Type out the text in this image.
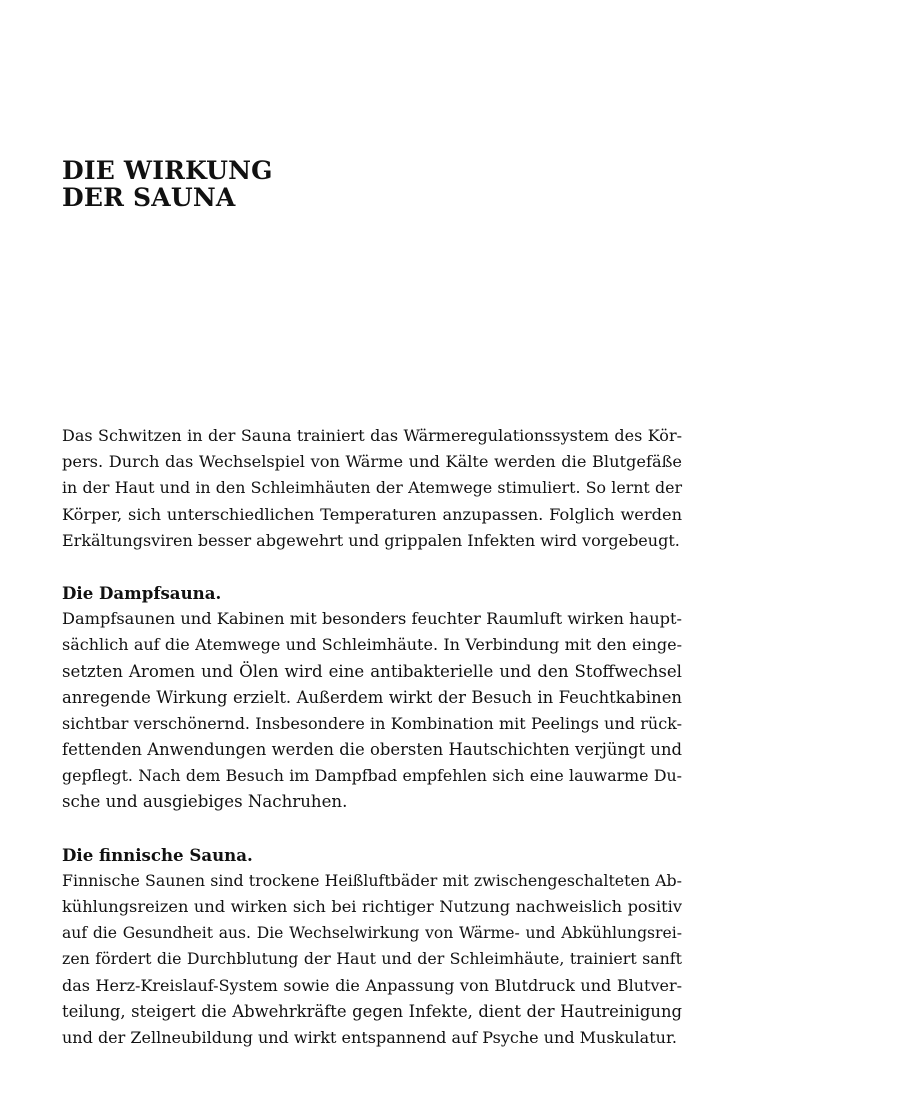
DIE WIRKUNG
DER SAUNA
Das Schwitzen in der Sauna trainiert das Wärmeregulationssystem des Kör-
pers. Durch das Wechselspiel von Wärme und Kälte werden die Blutgefäße
in der Haut und in den Schleimhäuten der Atemwege stimuliert. So lernt der
Körper, sich unterschiedlichen Temperaturen anzupassen. Folglich werden
Erkältungsviren besser abgewehrt und grippalen Infekten wird vorgebeugt.
Die Dampfsauna.
Dampfsaunen und Kabinen mit besonders feuchter Raumluft wirken haupt-
sächlich auf die Atemwege und Schleimhäute. In Verbindung mit den einge-
setzten Aromen und Ölen wird eine antibakterielle und den Stoffwechsel
anregende Wirkung erzielt. Außerdem wirkt der Besuch in Feuchtkabinen
sichtbar verschönernd. Insbesondere in Kombination mit Peelings und rück-
fettenden Anwendungen werden die obersten Hautschichten verjüngt und
gepflegt. Nach dem Besuch im Dampfbad empfehlen sich eine lauwarme Du-
sche und ausgiebiges Nachruhen.
Die finnische Sauna.
Finnische Saunen sind trockene Heißluftbäder mit zwischengeschalteten Ab-
kühlungsreizen und wirken sich bei richtiger Nutzung nachweislich positiv
auf die Gesundheit aus. Die Wechselwirkung von Wärme- und Abkühlungsrei-
zen fördert die Durchblutung der Haut und der Schleimhäute, trainiert sanft
das Herz-Kreislauf-System sowie die Anpassung von Blutdruck und Blutver-
teilung, steigert die Abwehrkräfte gegen Infekte, dient der Hautreinigung
und der Zellneubildung und wirkt entspannend auf Psyche und Muskulatur.
